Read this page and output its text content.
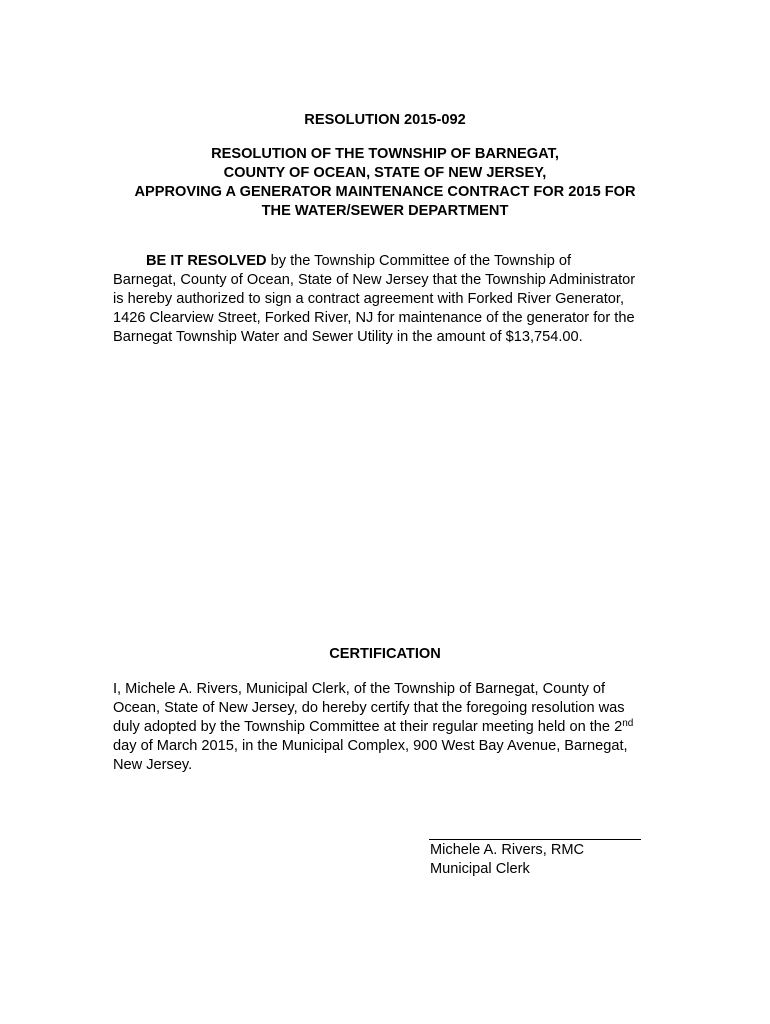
RESOLUTION 2015-092
RESOLUTION OF THE TOWNSHIP OF BARNEGAT,
COUNTY OF OCEAN, STATE OF NEW JERSEY,
APPROVING A GENERATOR MAINTENANCE CONTRACT FOR 2015 FOR
THE WATER/SEWER DEPARTMENT
BE IT RESOLVED by the Township Committee of the Township of
Barnegat, County of Ocean, State of New Jersey that the Township Administrator
is hereby authorized to sign a contract agreement with Forked River Generator,
1426 Clearview Street, Forked River, NJ for maintenance of the generator for the
Barnegat Township Water and Sewer Utility in the amount of $13,754.00.
CERTIFICATION
I, Michele A. Rivers, Municipal Clerk, of the Township of Barnegat, County of
Ocean, State of New Jersey, do hereby certify that the foregoing resolution was
duly adopted by the Township Committee at their regular meeting held on the 2nd
day of March 2015, in the Municipal Complex, 900 West Bay Avenue, Barnegat,
New Jersey.
Michele A. Rivers, RMC
Municipal Clerk
